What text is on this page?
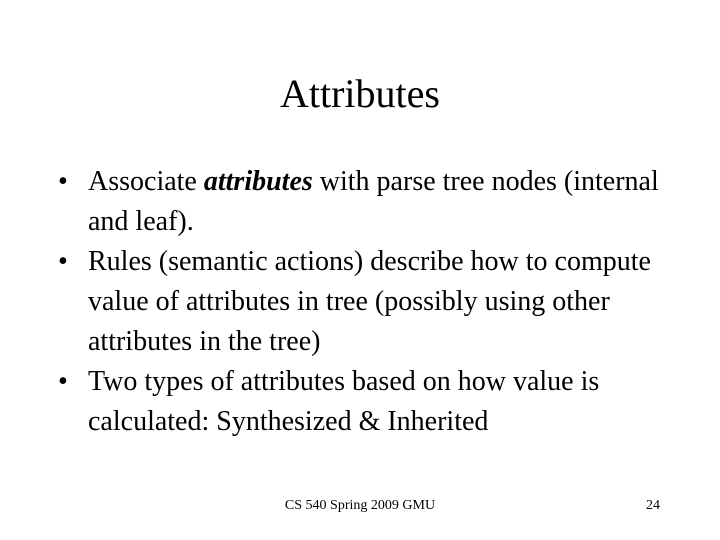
Attributes
• Associate attributes with parse tree nodes (internal and leaf).
• Rules (semantic actions) describe how to compute value of attributes in tree (possibly using other attributes in the tree)
• Two types of attributes based on how value is calculated: Synthesized & Inherited
CS 540 Spring 2009 GMU	24
